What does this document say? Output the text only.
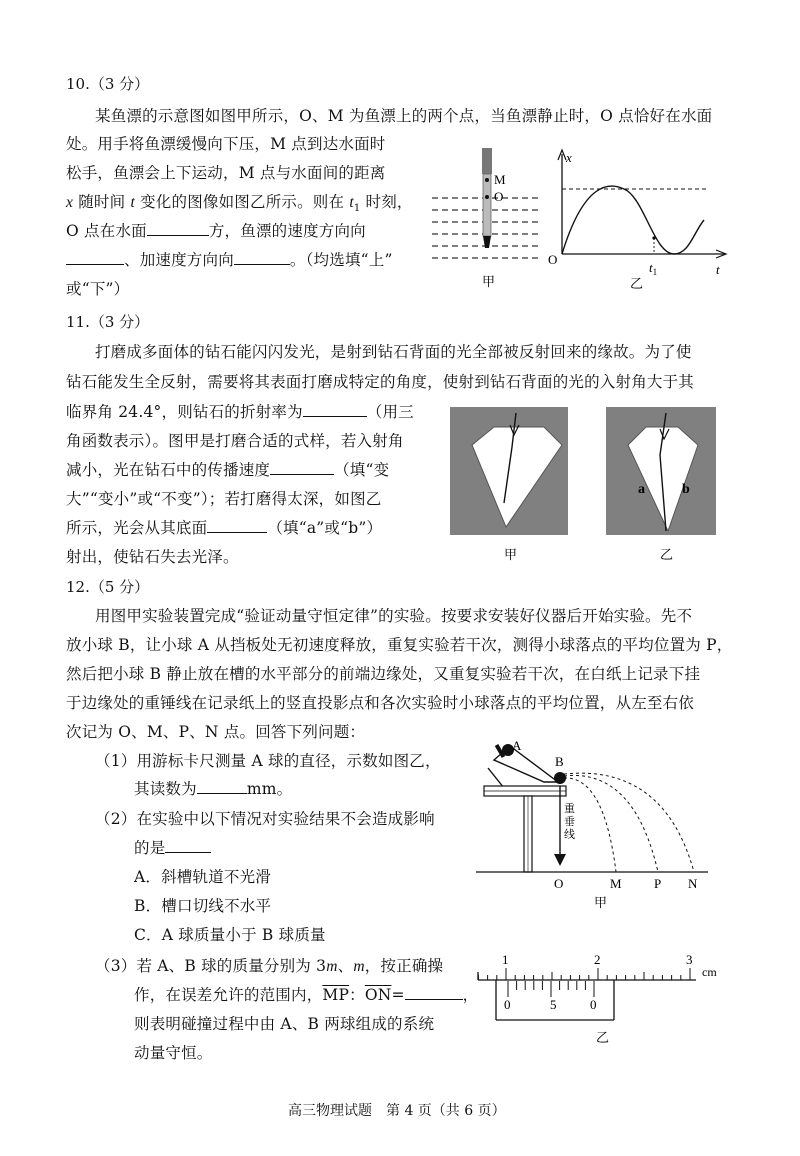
10.（3 分）
某鱼漂的示意图如图甲所示，O、M 为鱼漂上的两个点，当鱼漂静止时，O 点恰好在水面
处。用手将鱼漂缓慢向下压，M 点到达水面时
松手，鱼漂会上下运动，M 点与水面间的距离
x 随时间 t 变化的图像如图乙所示。则在 $t_1$ 时刻，
O 点在水面	方，鱼漂的速度方向向
、加速度方向向	。（均选填“上”
或“下”）
M
O
甲
x
t
O
$t_1$
乙
11.（3 分）
打磨成多面体的钻石能闪闪发光，是射到钻石背面的光全部被反射回来的缘故。为了使
钻石能发生全反射，需要将其表面打磨成特定的角度，使射到钻石背面的光的入射角大于其
临界角 24.4°，则钻石的折射率为	（用三
角函数表示）。图甲是打磨合适的式样，若入射角
减小，光在钻石中的传播速度	（填“变
大”“变小”或“不变”）；若打磨得太深，如图乙
所示，光会从其底面	（填“a”或“b”）
射出，使钻石失去光泽。	甲
a	b
乙
12.（5 分）
用图甲实验装置完成“验证动量守恒定律”的实验。按要求安装好仪器后开始实验。先不
放小球 B，让小球 A 从挡板处无初速度释放，重复实验若干次，测得小球落点的平均位置为 P，
然后把小球 B 静止放在槽的水平部分的前端边缘处，又重复实验若干次，在白纸上记录下挂
于边缘处的重锤线在记录纸上的竖直投影点和各次实验时小球落点的平均位置，从左至右依
次记为 O、M、P、N 点。回答下列问题：
（1）用游标卡尺测量 A 球的直径，示数如图乙，
其读数为	mm。
（2）在实验中以下情况对实验结果不会造成影响
的是
A．斜槽轨道不光滑
B．槽口切线不水平
C．A 球质量小于 B 球质量
（3）若 A、B 球的质量分别为 3m、m，按正确操
作，在误差允许的范围内，$\overline{MP}$：$\overline{ON}=$	，
则表明碰撞过程中由 A、B 两球组成的系统
动量守恒。
A
B
重
垂
线
O	M P N
甲
1	2	3
cm
0	5	0
乙
高三物理试题　第 4 页（共 6 页）
